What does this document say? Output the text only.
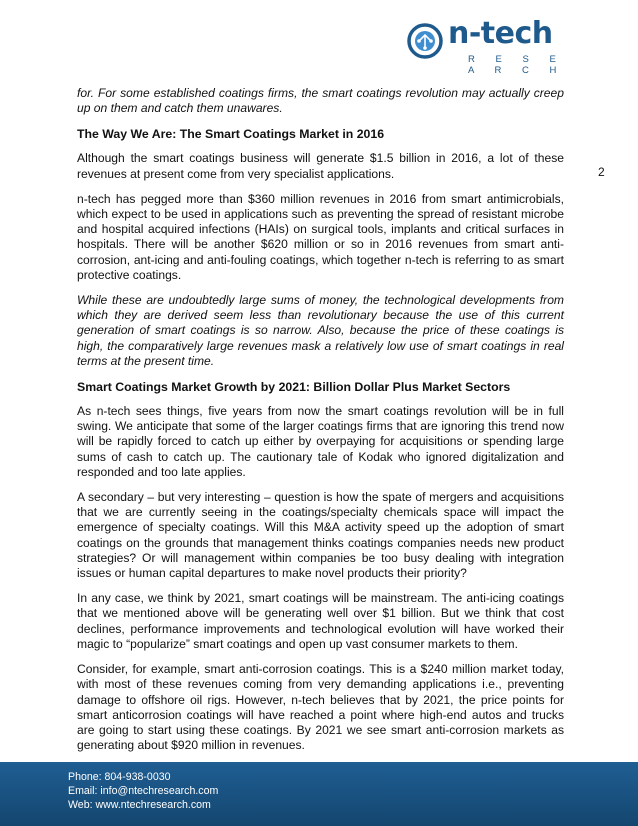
n-tech
R E S E A R C H
2

for. For some established coatings firms, the smart coatings revolution may actually creep up on them and catch them unawares.

The Way We Are: The Smart Coatings Market in 2016

Although the smart coatings business will generate $1.5 billion in 2016, a lot of these revenues at present come from very specialist applications.

n-tech has pegged more than $360 million revenues in 2016 from smart antimicrobials, which expect to be used in applications such as preventing the spread of resistant microbe and hospital acquired infections (HAIs) on surgical tools, implants and critical surfaces in hospitals. There will be another $620 million or so in 2016 revenues from smart anti-corrosion, ant-icing and anti-fouling coatings, which together n-tech is referring to as smart protective coatings.

While these are undoubtedly large sums of money, the technological developments from which they are derived seem less than revolutionary because the use of this current generation of smart coatings is so narrow. Also, because the price of these coatings is high, the comparatively large revenues mask a relatively low use of smart coatings in real terms at the present time.

Smart Coatings Market Growth by 2021: Billion Dollar Plus Market Sectors

As n-tech sees things, five years from now the smart coatings revolution will be in full swing. We anticipate that some of the larger coatings firms that are ignoring this trend now will be rapidly forced to catch up either by overpaying for acquisitions or spending large sums of cash to catch up. The cautionary tale of Kodak who ignored digitalization and responded and too late applies.

A secondary – but very interesting – question is how the spate of mergers and acquisitions that we are currently seeing in the coatings/specialty chemicals space will impact the emergence of specialty coatings. Will this M&A activity speed up the adoption of smart coatings on the grounds that management thinks coatings companies needs new product strategies? Or will management within companies be too busy dealing with integration issues or human capital departures to make novel products their priority?

In any case, we think by 2021, smart coatings will be mainstream. The anti-icing coatings that we mentioned above will be generating well over $1 billion. But we think that cost declines, performance improvements and technological evolution will have worked their magic to “popularize” smart coatings and open up vast consumer markets to them.

Consider, for example, smart anti-corrosion coatings. This is a $240 million market today, with most of these revenues coming from very demanding applications i.e., preventing damage to offshore oil rigs. However, n-tech believes that by 2021, the price points for smart anticorrosion coatings will have reached a point where high-end autos and trucks are going to start using these coatings. By 2021 we see smart anti-corrosion markets as generating about $920 million in revenues.

Phone: 804-938-0030
Email: info@ntechresearch.com
Web: www.ntechresearch.com
